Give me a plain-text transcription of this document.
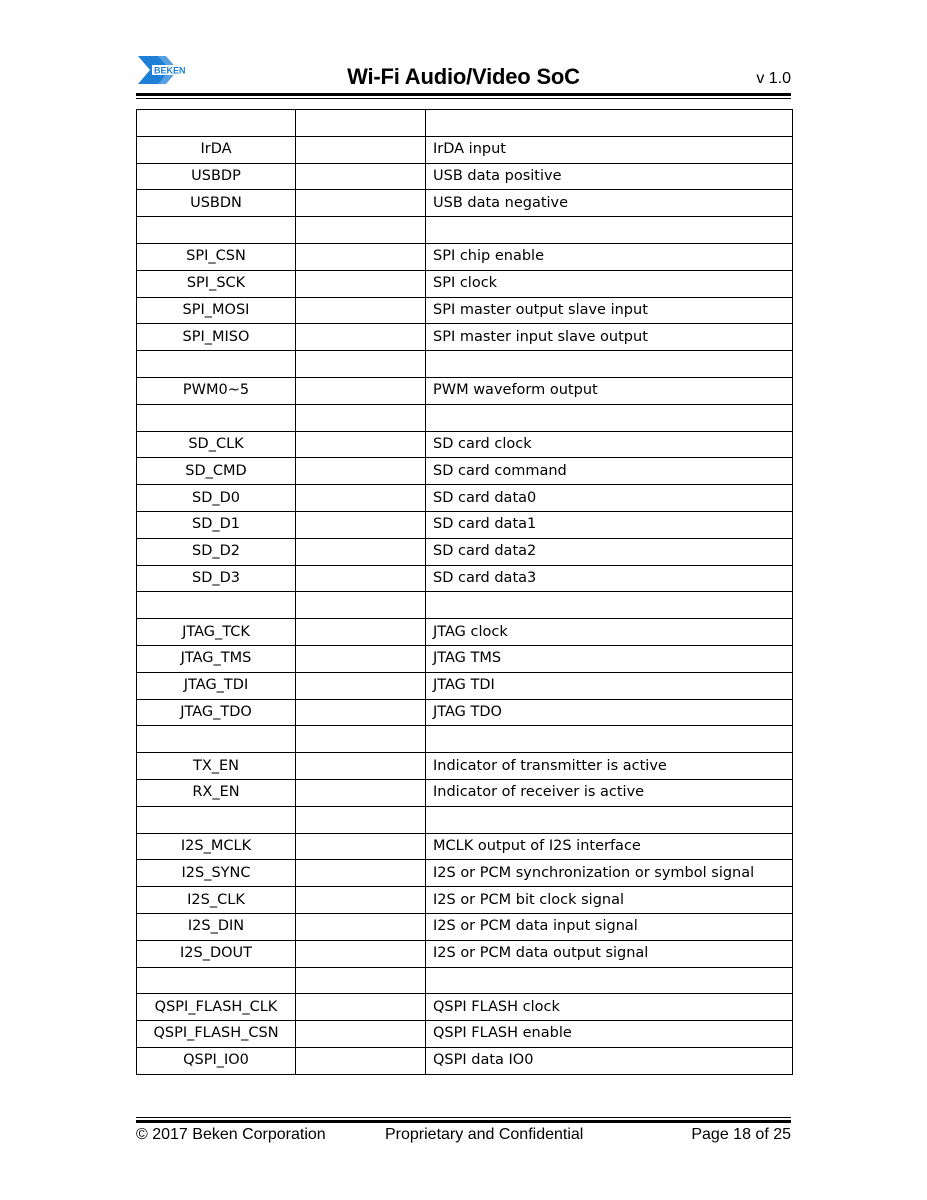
BEKEN	Wi-Fi Audio/Video SoC	v 1.0

IrDA		IrDA input
USBDP		USB data positive
USBDN		USB data negative

SPI_CSN		SPI chip enable
SPI_SCK		SPI clock
SPI_MOSI		SPI master output slave input
SPI_MISO		SPI master input slave output

PWM0~5		PWM waveform output

SD_CLK		SD card clock
SD_CMD		SD card command
SD_D0		SD card data0
SD_D1		SD card data1
SD_D2		SD card data2
SD_D3		SD card data3

JTAG_TCK		JTAG clock
JTAG_TMS		JTAG TMS
JTAG_TDI		JTAG TDI
JTAG_TDO		JTAG TDO

TX_EN		Indicator of transmitter is active
RX_EN		Indicator of receiver is active

I2S_MCLK		MCLK output of I2S interface
I2S_SYNC		I2S or PCM synchronization or symbol signal
I2S_CLK		I2S or PCM bit clock signal
I2S_DIN		I2S or PCM data input signal
I2S_DOUT		I2S or PCM data output signal

QSPI_FLASH_CLK		QSPI FLASH clock
QSPI_FLASH_CSN		QSPI FLASH enable
QSPI_IO0		QSPI data IO0
© 2017 Beken Corporation	Proprietary and Confidential	Page 18 of 25
